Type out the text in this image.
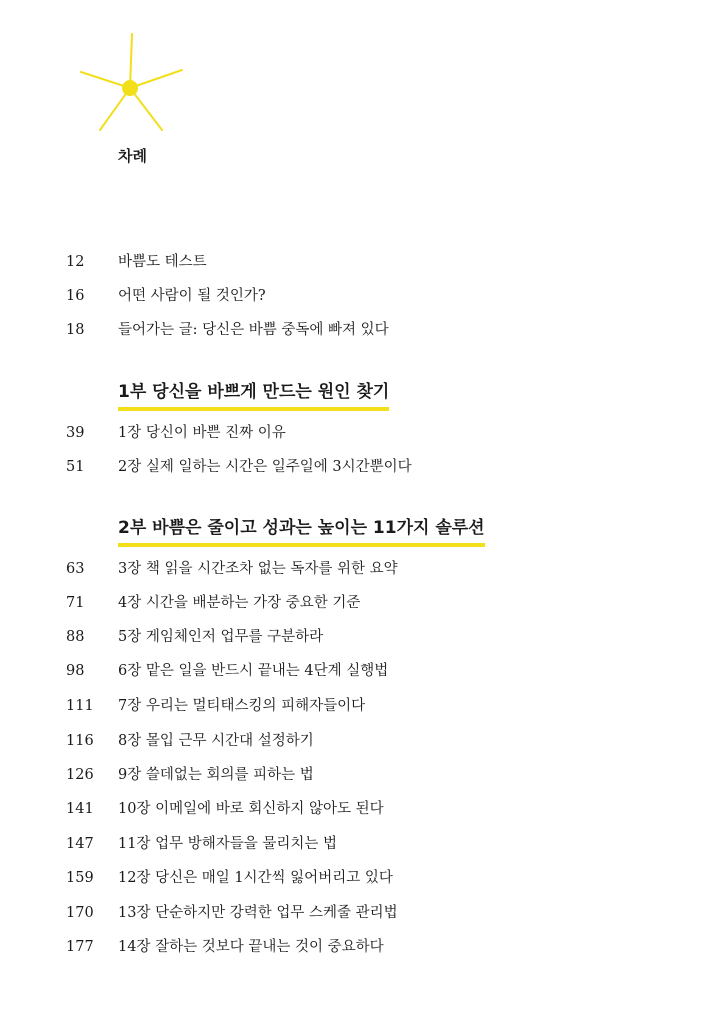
차례
12 바쁨도 테스트
16 어떤 사람이 될 것인가?
18 들어가는 글: 당신은 바쁨 중독에 빠져 있다
1부 당신을 바쁘게 만드는 원인 찾기
39 1장 당신이 바쁜 진짜 이유
51 2장 실제 일하는 시간은 일주일에 3시간뿐이다
2부 바쁨은 줄이고 성과는 높이는 11가지 솔루션
63 3장 책 읽을 시간조차 없는 독자를 위한 요약
71 4장 시간을 배분하는 가장 중요한 기준
88 5장 게임체인저 업무를 구분하라
98 6장 맡은 일을 반드시 끝내는 4단계 실행법
111 7장 우리는 멀티태스킹의 피해자들이다
116 8장 몰입 근무 시간대 설정하기
126 9장 쓸데없는 회의를 피하는 법
141 10장 이메일에 바로 회신하지 않아도 된다
147 11장 업무 방해자들을 물리치는 법
159 12장 당신은 매일 1시간씩 잃어버리고 있다
170 13장 단순하지만 강력한 업무 스케줄 관리법
177 14장 잘하는 것보다 끝내는 것이 중요하다
